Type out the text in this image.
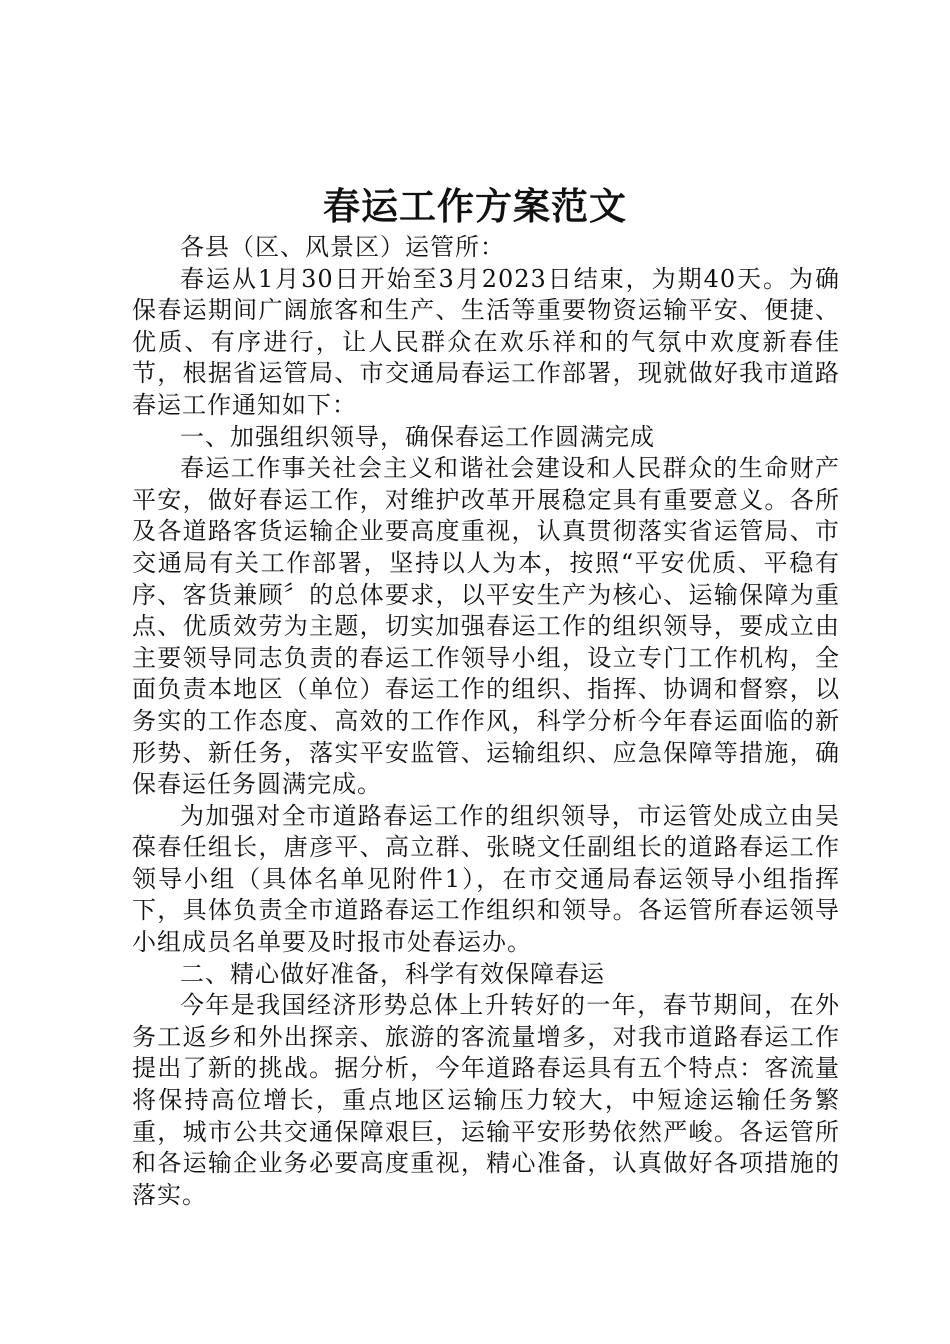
春运工作方案范文

各县（区、风景区）运管所：

春运从1月30日开始至3月2023日结束，为期40天。为确保春运期间广阔旅客和生产、生活等重要物资运输平安、便捷、优质、有序进行，让人民群众在欢乐祥和的气氛中欢度新春佳节，根据省运管局、市交通局春运工作部署，现就做好我市道路春运工作通知如下：

一、加强组织领导，确保春运工作圆满完成

春运工作事关社会主义和谐社会建设和人民群众的生命财产平安，做好春运工作，对维护改革开展稳定具有重要意义。各所及各道路客货运输企业要高度重视，认真贯彻落实省运管局、市交通局有关工作部署，坚持以人为本，按照“平安优质、平稳有序、客货兼顾〞的总体要求，以平安生产为核心、运输保障为重点、优质效劳为主题，切实加强春运工作的组织领导，要成立由主要领导同志负责的春运工作领导小组，设立专门工作机构，全面负责本地区（单位）春运工作的组织、指挥、协调和督察，以务实的工作态度、高效的工作作风，科学分析今年春运面临的新形势、新任务，落实平安监管、运输组织、应急保障等措施，确保春运任务圆满完成。

为加强对全市道路春运工作的组织领导，市运管处成立由吴葆春任组长，唐彦平、高立群、张晓文任副组长的道路春运工作领导小组（具体名单见附件1），在市交通局春运领导小组指挥下，具体负责全市道路春运工作组织和领导。各运管所春运领导小组成员名单要及时报市处春运办。

二、精心做好准备，科学有效保障春运

今年是我国经济形势总体上升转好的一年，春节期间，在外务工返乡和外出探亲、旅游的客流量增多，对我市道路春运工作提出了新的挑战。据分析，今年道路春运具有五个特点：客流量将保持高位增长，重点地区运输压力较大，中短途运输任务繁重，城市公共交通保障艰巨，运输平安形势依然严峻。各运管所和各运输企业务必要高度重视，精心准备，认真做好各项措施的落实。
